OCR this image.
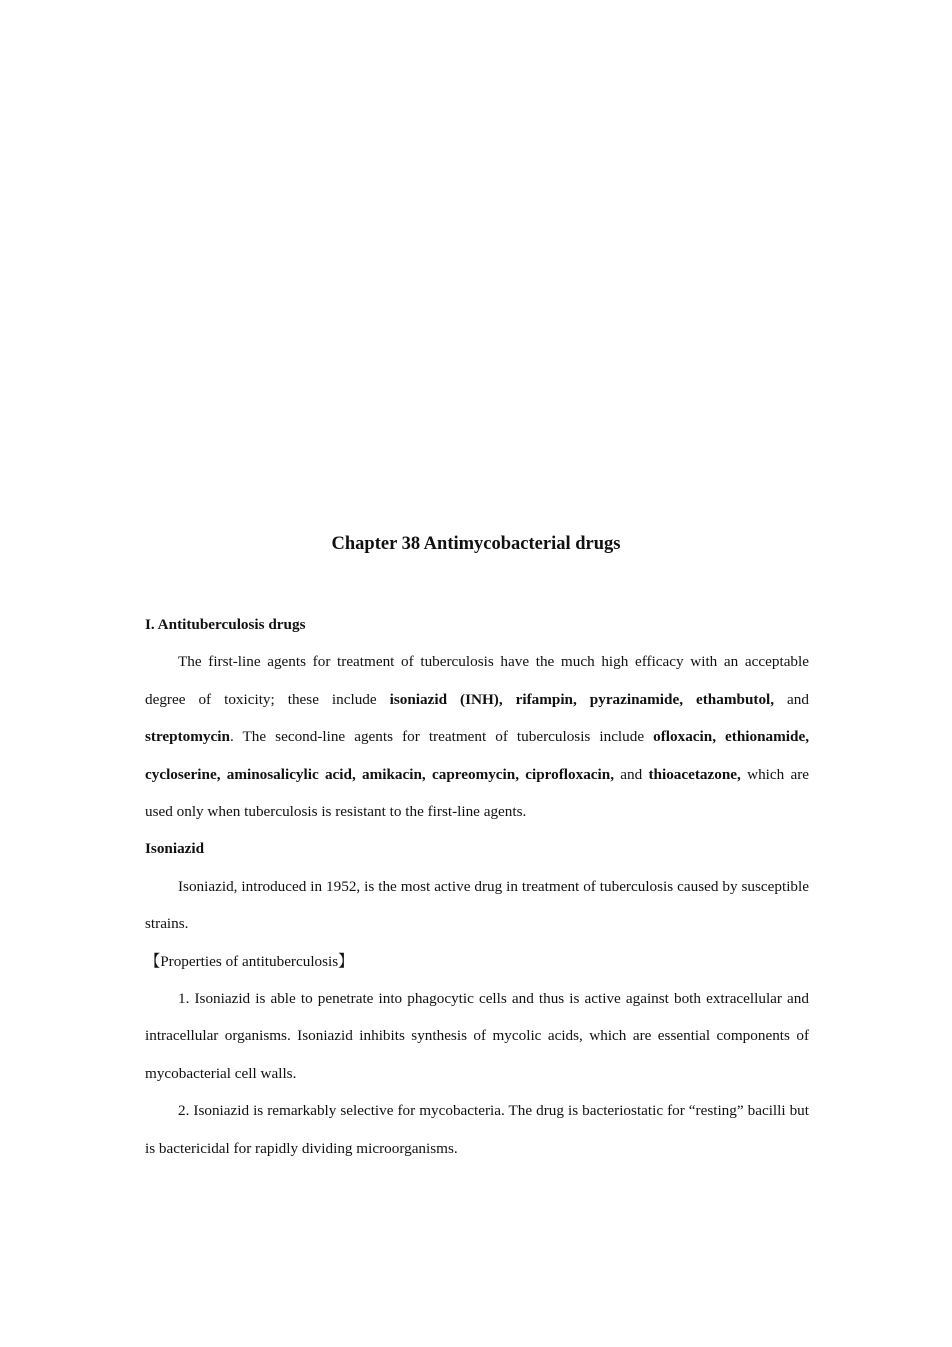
Chapter 38 Antimycobacterial drugs

I. Antituberculosis drugs

The first-line agents for treatment of tuberculosis have the much high efficacy with an acceptable degree of toxicity; these include isoniazid (INH), rifampin, pyrazinamide, ethambutol, and streptomycin. The second-line agents for treatment of tuberculosis include ofloxacin, ethionamide, cycloserine, aminosalicylic acid, amikacin, capreomycin, ciprofloxacin, and thioacetazone, which are used only when tuberculosis is resistant to the first-line agents.

Isoniazid

Isoniazid, introduced in 1952, is the most active drug in treatment of tuberculosis caused by susceptible strains.

【Properties of antituberculosis】

1. Isoniazid is able to penetrate into phagocytic cells and thus is active against both extracellular and intracellular organisms. Isoniazid inhibits synthesis of mycolic acids, which are essential components of mycobacterial cell walls.

2. Isoniazid is remarkably selective for mycobacteria. The drug is bacteriostatic for “resting” bacilli but is bactericidal for rapidly dividing microorganisms.
